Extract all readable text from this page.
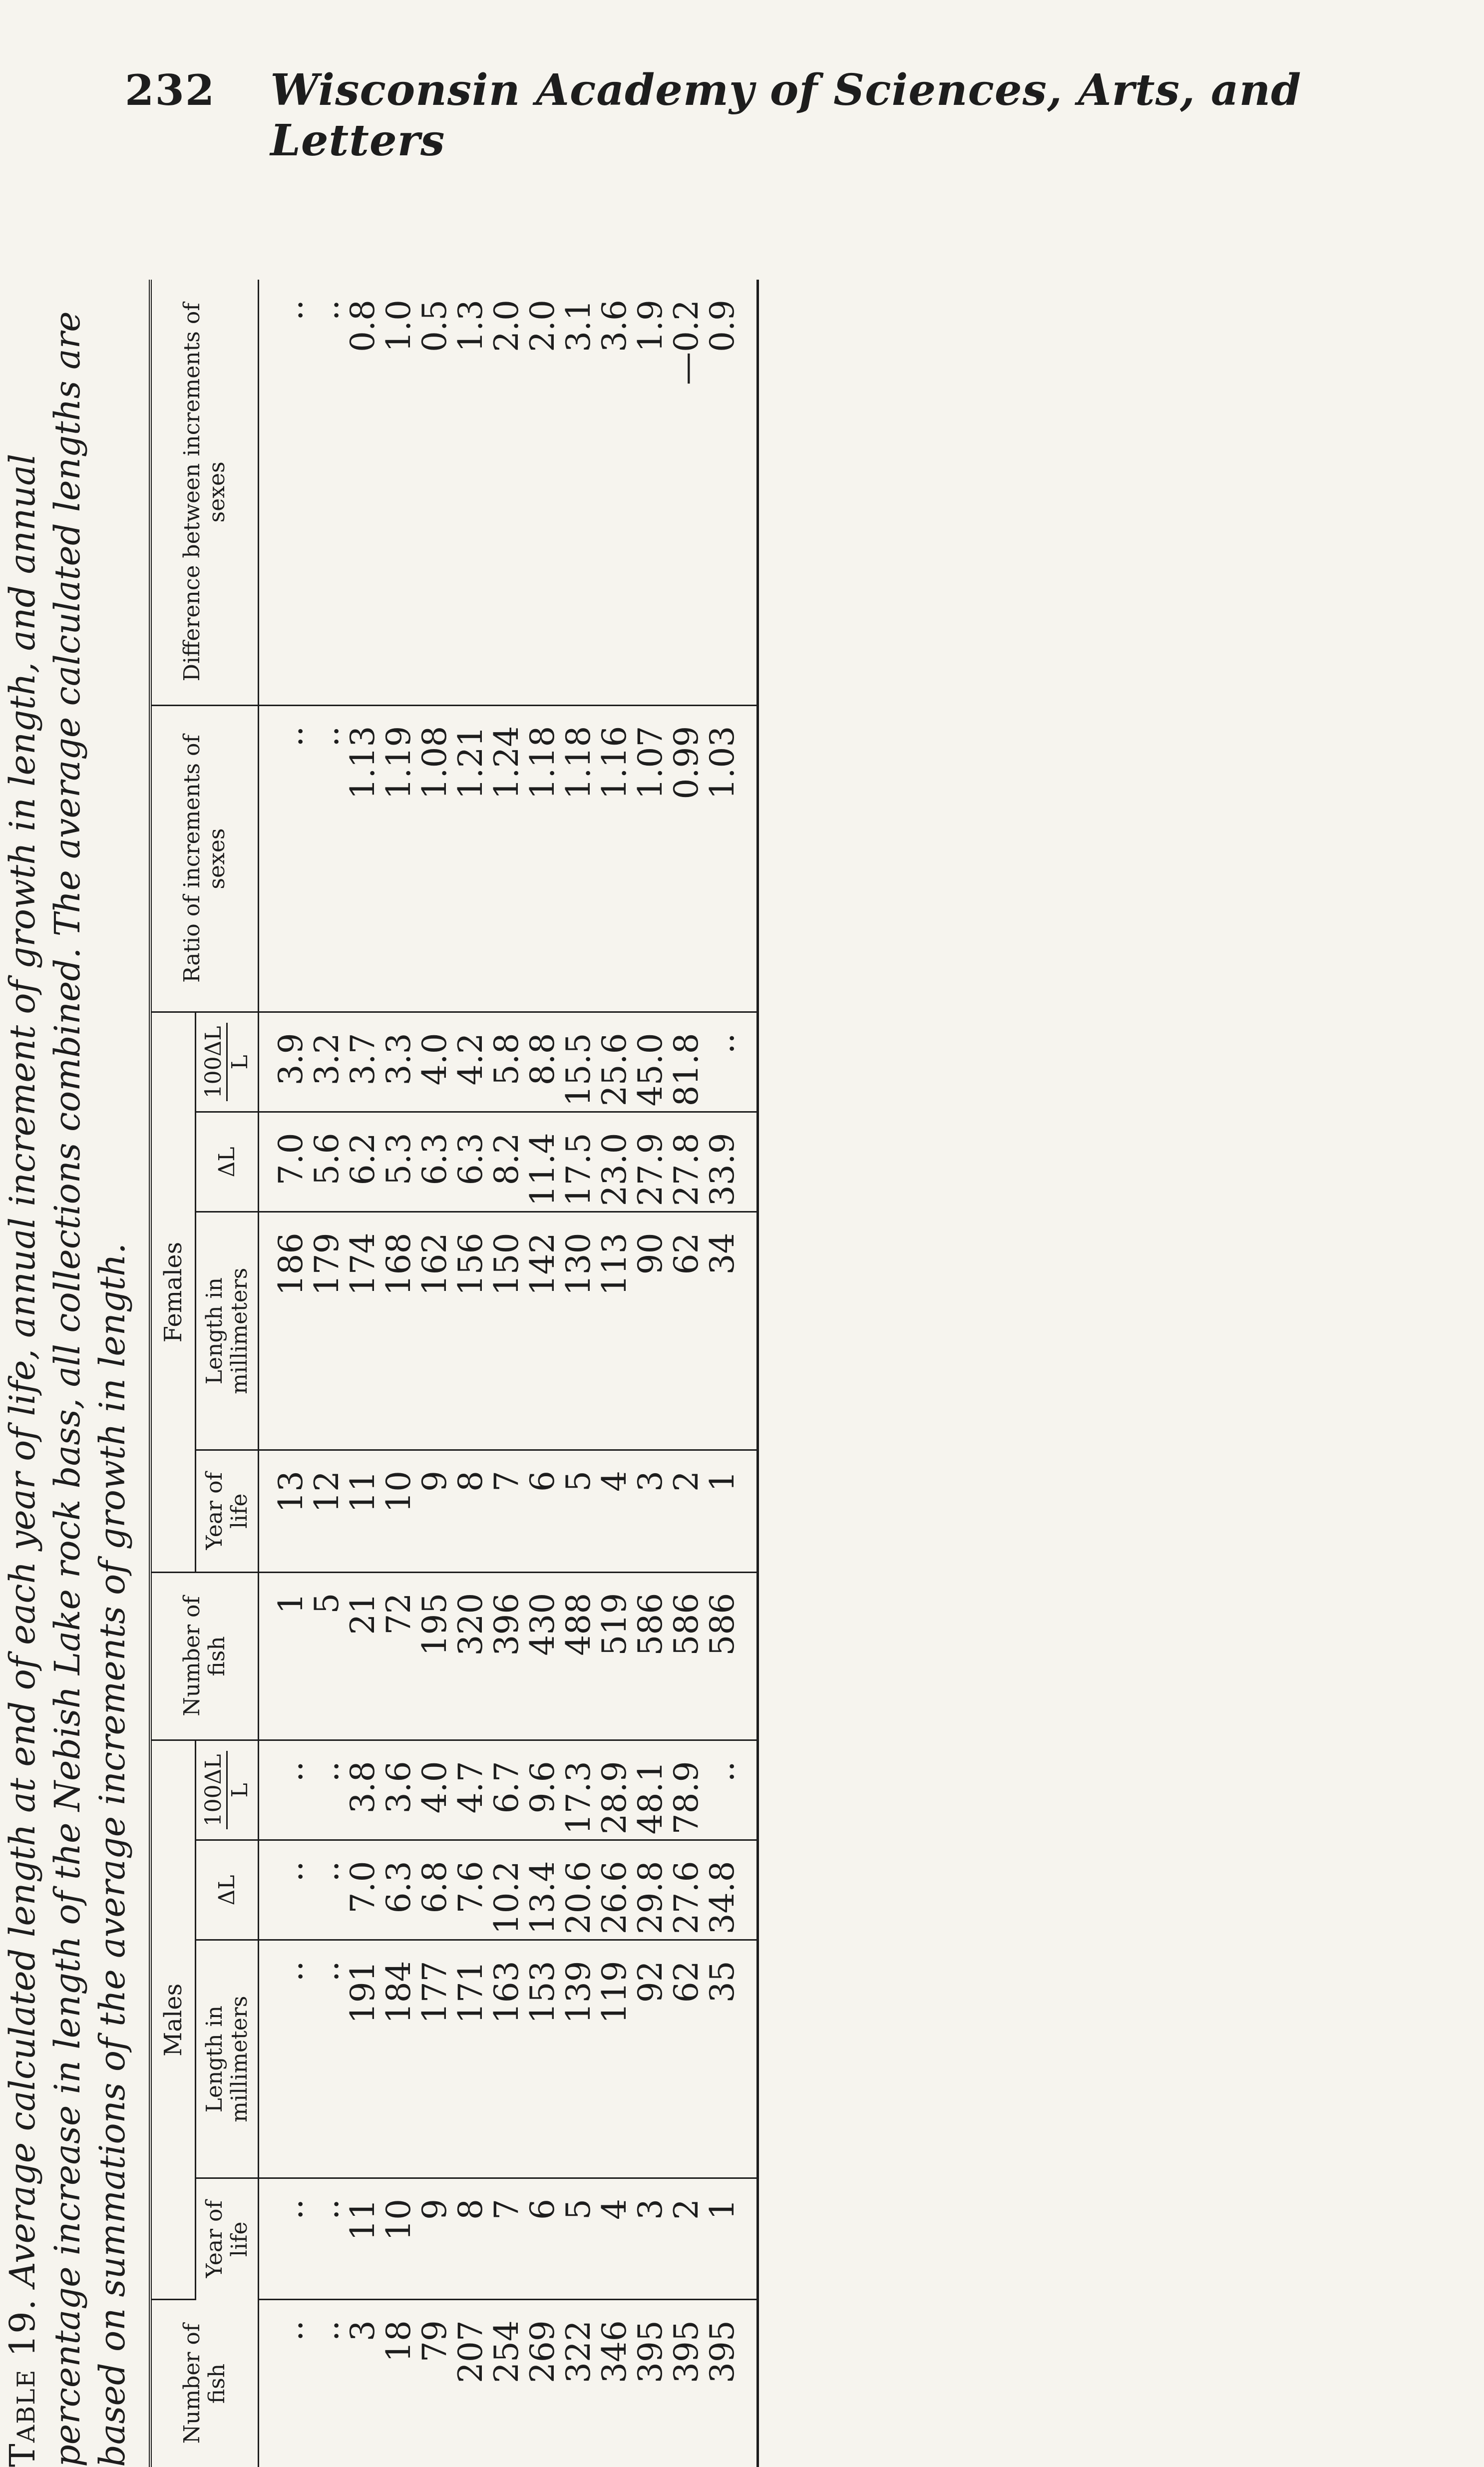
232 Wisconsin Academy of Sciences, Arts, and Letters

Table 19. Average calculated length at end of each year of life, annual increment of growth in length, and annual percentage increase in length of the Nebish Lake rock bass, all collections combined. The average calculated lengths are based on summations of the average increments of growth in length. Number of fish	Males				Number of fish	Females				Ratio of increments of sexes	Difference between increments of sexes
	Year of life	Length in millimeters	ΔL	100ΔL L		Year of life	Length in millimeters	ΔL	100ΔL L		

..	..	..	..	..	1	13	186	7.0	3.9	..	..
..	..	..	..	..	5	12	179	5.6	3.2	..	..
3	11	191	7.0	3.8	21	11	174	6.2	3.7	1.13	0.8
18	10	184	6.3	3.6	72	10	168	5.3	3.3	1.19	1.0
79	9	177	6.8	4.0	195	9	162	6.3	4.0	1.08	0.5
207	8	171	7.6	4.7	320	8	156	6.3	4.2	1.21	1.3
254	7	163	10.2	6.7	396	7	150	8.2	5.8	1.24	2.0
269	6	153	13.4	9.6	430	6	142	11.4	8.8	1.18	2.0
322	5	139	20.6	17.3	488	5	130	17.5	15.5	1.18	3.1
346	4	119	26.6	28.9	519	4	113	23.0	25.6	1.16	3.6
395	3	92	29.8	48.1	586	3	90	27.9	45.0	1.07	1.9
395	2	62	27.6	78.9	586	2	62	27.8	81.8	0.99	—0.2
395	1	35	34.8	..	586	1	34	33.9	..	1.03	0.9
